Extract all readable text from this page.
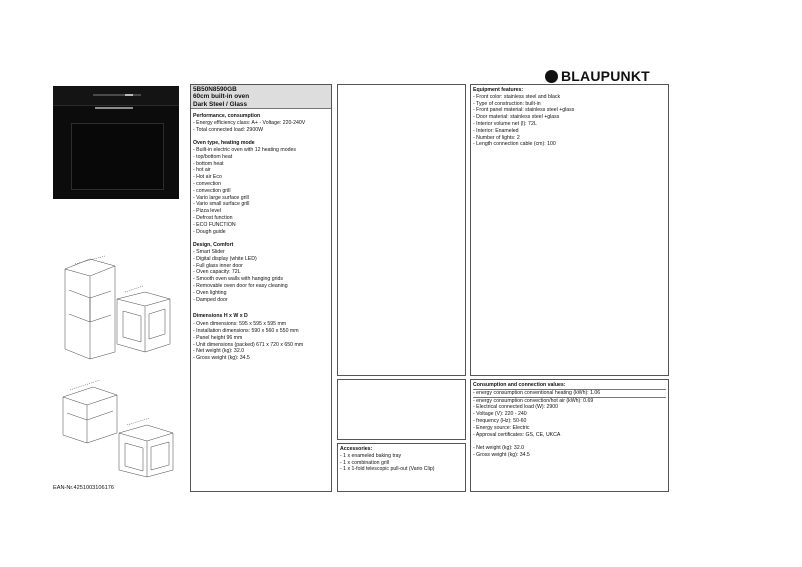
BLAUPUNKT
EAN-Nr.4251003106176
5B50N8590GB
60cm built-in oven
Dark Steel / Glass
Performance, consumption
- Energy efficiency class: A+ - Voltage: 220-240V
- Total connected load: 2900W
Oven type, heating mode
- Built-in electric oven with 12 heating modes
- top/bottom heat
- bottom heat
- hot air
- Hot air Eco
- convection
- convection grill
- Vario large surface grill
- Vario small surface grill
- Pizza level
- Defrost function
- ECO FUNCTION
- Dough guide
Design, Comfort
- Smart Slider
- Digital display (white LED)
- Full glass inner door
- Oven capacity: 72L
- Smooth oven walls with hanging grids
- Removable oven door for easy cleaning
- Oven lighting
- Damped door
Dimensions H x W x D
- Oven dimensions: 595 x 595 x 595 mm
- Installation dimensions: 590 x 560 x 550 mm
- Panel height 96 mm
- Unit dimensions (packed) 671 x 720 x 650 mm
- Net weight (kg): 32.0
- Gross weight (kg): 34.5
Accessories:
- 1 x enameled baking tray
- 1 x combination grill
- 1 x 1-fold telescopic pull-out (Vario Clip)
Equipment features:
- Front color: stainless steel and black
- Type of construction: built-in
- Front panel material: stainless steel +glass
- Door material: stainless steel +glass
- Interior volume net (l): 72L
- Interior: Enameled
- Number of lights: 2
- Length connection cable (cm): 100
Consumption and connection values:
- energy consumption conventional heating (kWh): 1.06
- energy consumption convection/hot air (kWh): 0.69
- Electrical connected load (W): 2900
- Voltage (V): 220 - 240
- frequency (Hz): 50-60
- Energy source: Electric
- Approval certificates: GS, CE, UKCA
- Net weight (kg): 32.0
- Gross weight (kg): 34.5
